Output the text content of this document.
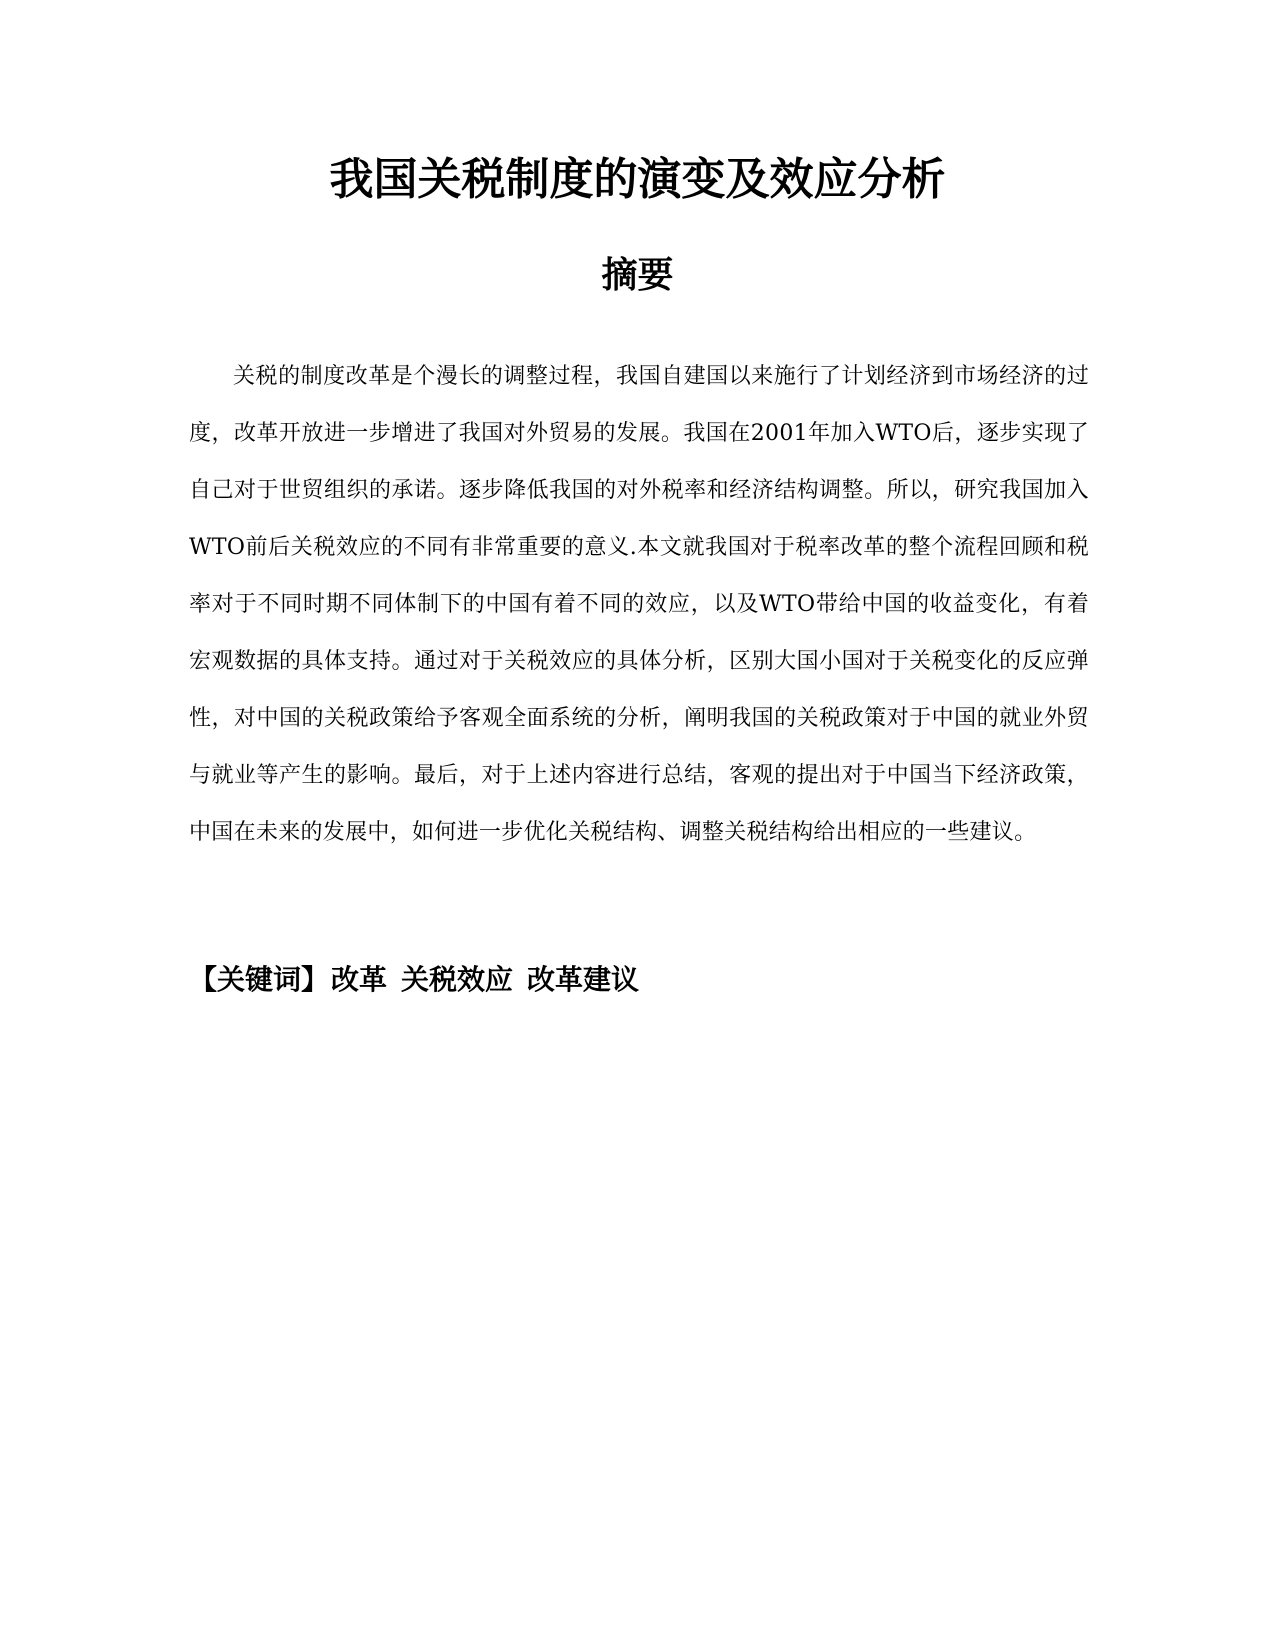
我国关税制度的演变及效应分析
摘要

关税的制度改革是个漫长的调整过程，我国自建国以来施行了计划经济到市场经济的过度，改革开放进一步增进了我国对外贸易的发展。我国在2001年加入WTO后，逐步实现了自己对于世贸组织的承诺。逐步降低我国的对外税率和经济结构调整。所以，研究我国加入WTO前后关税效应的不同有非常重要的意义.本文就我国对于税率改革的整个流程回顾和税率对于不同时期不同体制下的中国有着不同的效应，以及WTO带给中国的收益变化，有着宏观数据的具体支持。通过对于关税效应的具体分析，区别大国小国对于关税变化的反应弹性，对中国的关税政策给予客观全面系统的分析，阐明我国的关税政策对于中国的就业外贸与就业等产生的影响。最后，对于上述内容进行总结，客观的提出对于中国当下经济政策，中国在未来的发展中，如何进一步优化关税结构、调整关税结构给出相应的一些建议。

【关键词】改革 关税效应 改革建议
